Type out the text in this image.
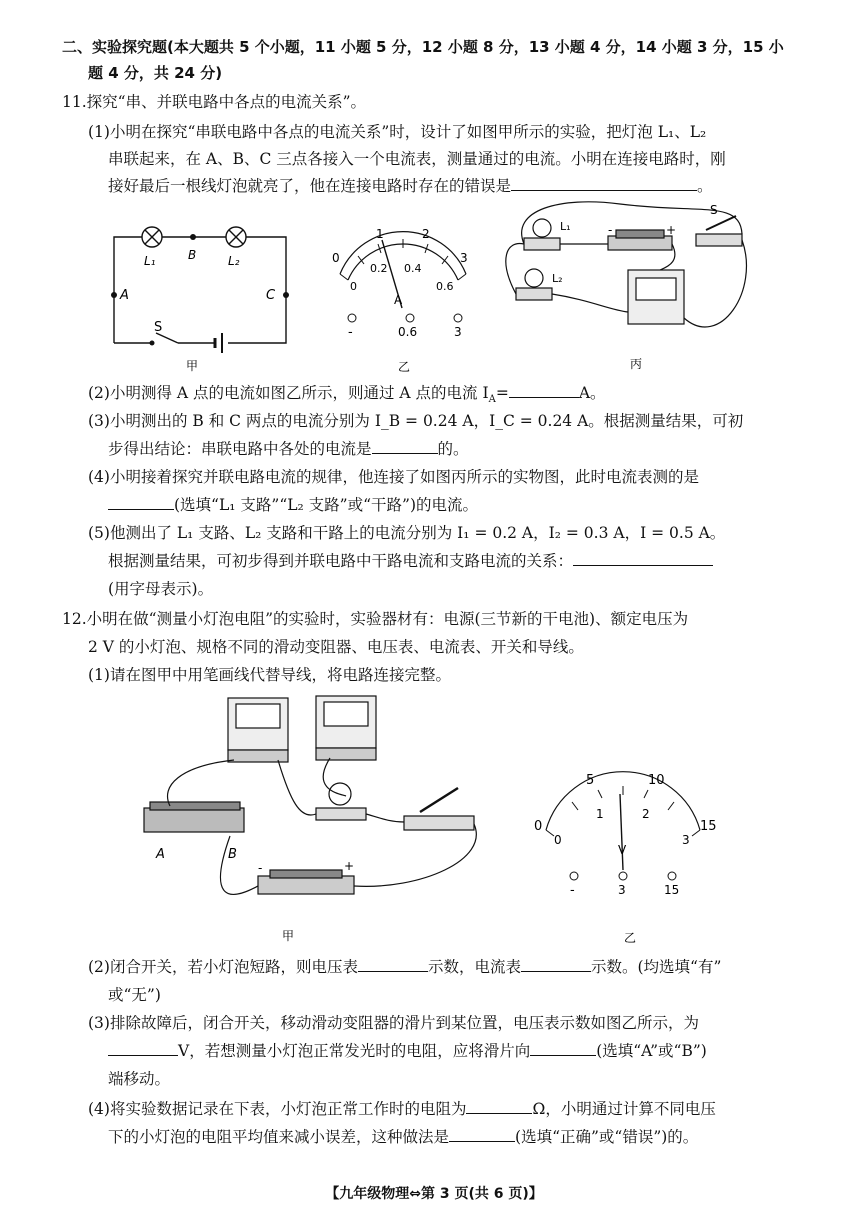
二、实验探究题(本大题共 5 个小题，11 小题 5 分，12 小题 8 分，13 小题 4 分，14 小题 3 分，15 小
题 4 分，共 24 分)
11.探究“串、并联电路中各点的电流关系”。
(1)小明在探究“串联电路中各点的电流关系”时，设计了如图甲所示的实验，把灯泡 L₁、L₂
串联起来，在 A、B、C 三点各接入一个电流表，测量通过的电流。小明在连接电路时，刚
接好最后一根线灯泡就亮了，他在连接电路时存在的错误是	。
L₁	B	L₂
A	C
S
甲
0
1	2
3
0
0.2 0.4
0.6
A
-	0.6	3
乙
L₁
L₂
S
+
-
丙
(2)小明测得 A 点的电流如图乙所示，则通过 A 点的电流 $I_A=$	A。
(3)小明测出的 B 和 C 两点的电流分别为 I_B = 0.24 A，I_C = 0.24 A。根据测量结果，可初
步得出结论：串联电路中各处的电流是	的。
(4)小明接着探究并联电路电流的规律，他连接了如图丙所示的实物图，此时电流表测的是
(选填“L₁ 支路”“L₂ 支路”或“干路”)的电流。
(5)他测出了 L₁ 支路、L₂ 支路和干路上的电流分别为 I₁ = 0.2 A，I₂ = 0.3 A，I = 0.5 A。
根据测量结果，可初步得到并联电路中干路电流和支路电流的关系：
(用字母表示)。
12.小明在做“测量小灯泡电阻”的实验时，实验器材有：电源(三节新的干电池)、额定电压为
2 V 的小灯泡、规格不同的滑动变阻器、电压表、电流表、开关和导线。
(1)请在图甲中用笔画线代替导线，将电路连接完整。
A	B
-	+
甲
0
5	10
15
0
1	2
3
V
-	3	15
乙
(2)闭合开关，若小灯泡短路，则电压表	示数，电流表	示数。(均选填“有”
或“无”)
(3)排除故障后，闭合开关，移动滑动变阻器的滑片到某位置，电压表示数如图乙所示，为
V，若想测量小灯泡正常发光时的电阻，应将滑片向	(选填“A”或“B”)
端移动。
(4)将实验数据记录在下表，小灯泡正常工作时的电阻为	Ω，小明通过计算不同电压
下的小灯泡的电阻平均值来减小误差，这种做法是	(选填“正确”或“错误”)的。
【九年级物理⇔第 3 页(共 6 页)】
